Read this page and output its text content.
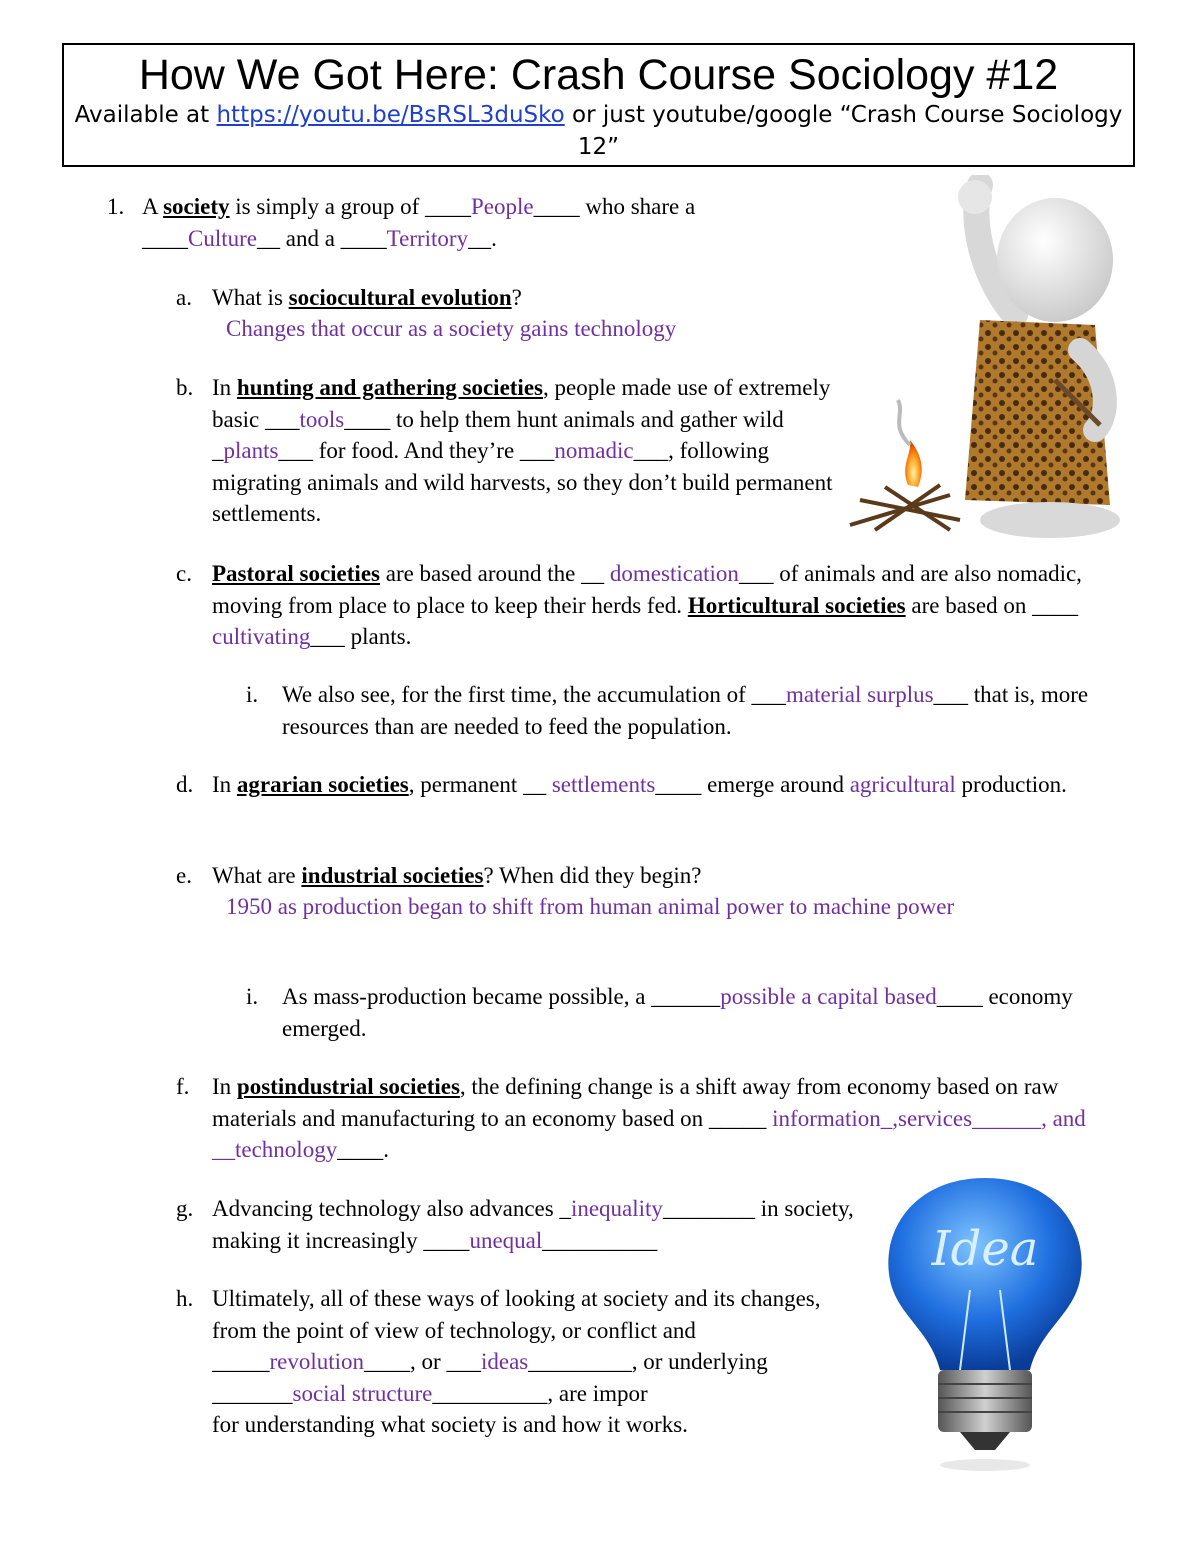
How We Got Here: Crash Course Sociology #12
Available at https://youtu.be/BsRSL3duSko or just youtube/google “Crash Course Sociology 12”
1. A society is simply a group of ____People____ who share a ____Culture__ and a ____Territory__.
a. What is sociocultural evolution?
Changes that occur as a society gains technology
b. In hunting and gathering societies, people made use of extremely basic ___tools____ to help them hunt animals and gather wild _plants___ for food. And they’re ___nomadic___, following migrating animals and wild harvests, so they don’t build permanent settlements.
c. Pastoral societies are based around the __ domestication___ of animals and are also nomadic, moving from place to place to keep their herds fed. Horticultural societies are based on ____ cultivating___ plants.
i. We also see, for the first time, the accumulation of ___material surplus___ that is, more resources than are needed to feed the population.
d. In agrarian societies, permanent __ settlements____ emerge around agricultural production.
e. What are industrial societies? When did they begin?
1950 as production began to shift from human animal power to machine power
i. As mass-production became possible, a ______possible a capital based____ economy emerged.
f. In postindustrial societies, the defining change is a shift away from economy based on raw materials and manufacturing to an economy based on _____ information_,services______, and __technology____.
g. Advancing technology also advances _inequality________ in society, making it increasingly ____unequal__________
h. Ultimately, all of these ways of looking at society and its changes, from the point of view of technology, or conflict and _____revolution____, or ___ideas_________, or underlying _______social structure__________, are impor
for understanding what society is and how it works.
Idea
